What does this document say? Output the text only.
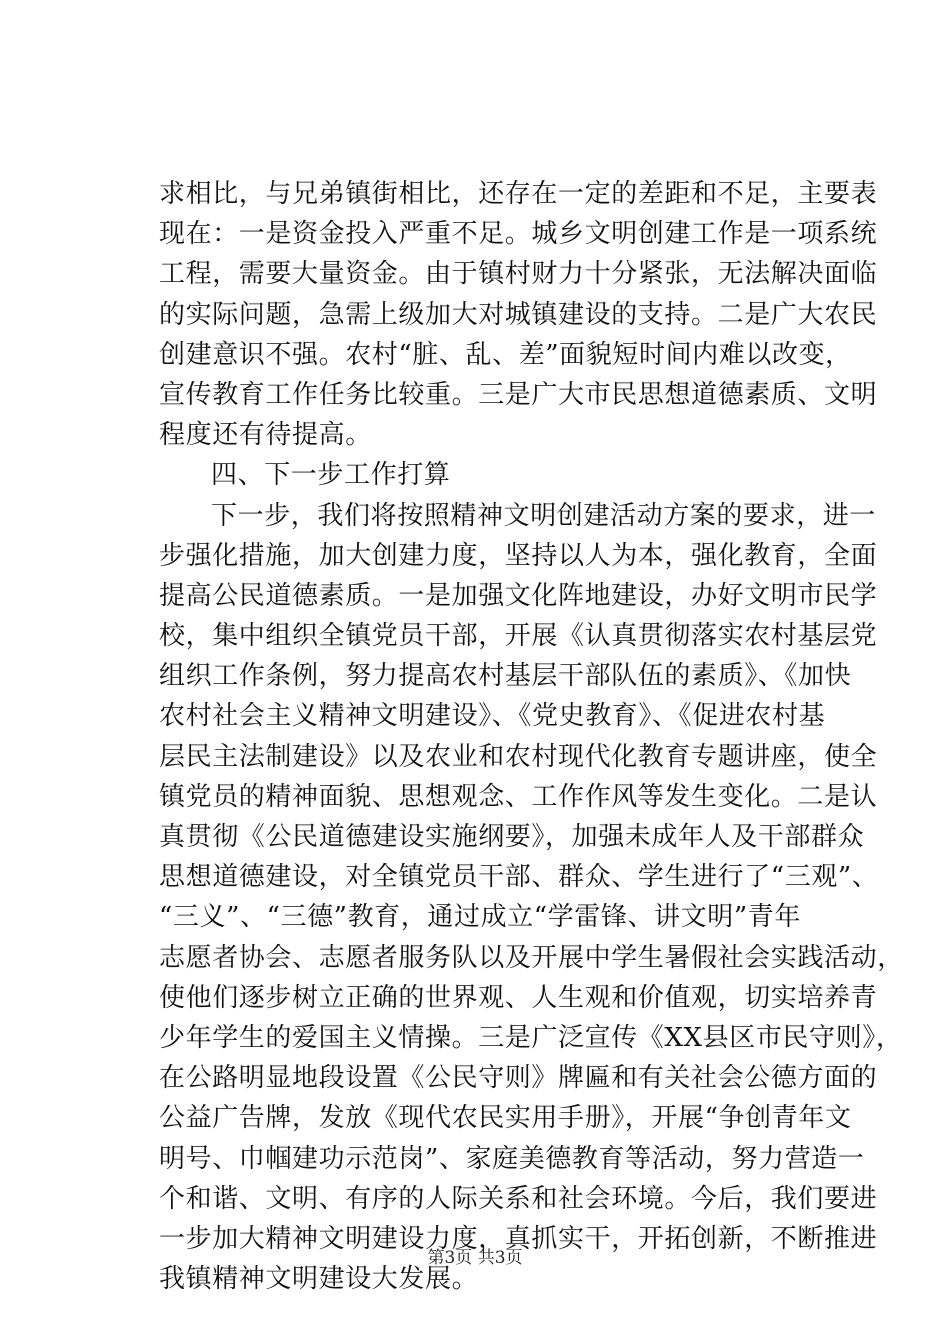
求相比，与兄弟镇街相比，还存在一定的差距和不足，主要表
现在：一是资金投入严重不足。城乡文明创建工作是一项系统
工程，需要大量资金。由于镇村财力十分紧张，无法解决面临
的实际问题，急需上级加大对城镇建设的支持。二是广大农民
创建意识不强。农村“脏、乱、差”面貌短时间内难以改变，
宣传教育工作任务比较重。三是广大市民思想道德素质、文明
程度还有待提高。
四、下一步工作打算
下一步，我们将按照精神文明创建活动方案的要求，进一
步强化措施，加大创建力度，坚持以人为本，强化教育，全面
提高公民道德素质。一是加强文化阵地建设，办好文明市民学
校，集中组织全镇党员干部，开展《认真贯彻落实农村基层党
组织工作条例，努力提高农村基层干部队伍的素质》、《加快
农村社会主义精神文明建设》、《党史教育》、《促进农村基
层民主法制建设》以及农业和农村现代化教育专题讲座，使全
镇党员的精神面貌、思想观念、工作作风等发生变化。二是认
真贯彻《公民道德建设实施纲要》，加强未成年人及干部群众
思想道德建设，对全镇党员干部、群众、学生进行了“三观”、
“三义”、“三德”教育，通过成立“学雷锋、讲文明”青年
志愿者协会、志愿者服务队以及开展中学生暑假社会实践活动，
使他们逐步树立正确的世界观、人生观和价值观，切实培养青
少年学生的爱国主义情操。三是广泛宣传《XX县区市民守则》，
在公路明显地段设置《公民守则》牌匾和有关社会公德方面的
公益广告牌，发放《现代农民实用手册》，开展“争创青年文
明号、巾帼建功示范岗”、家庭美德教育等活动，努力营造一
个和谐、文明、有序的人际关系和社会环境。今后，我们要进
一步加大精神文明建设力度，真抓实干，开拓创新，不断推进
我镇精神文明建设大发展。
第3页 共3页
